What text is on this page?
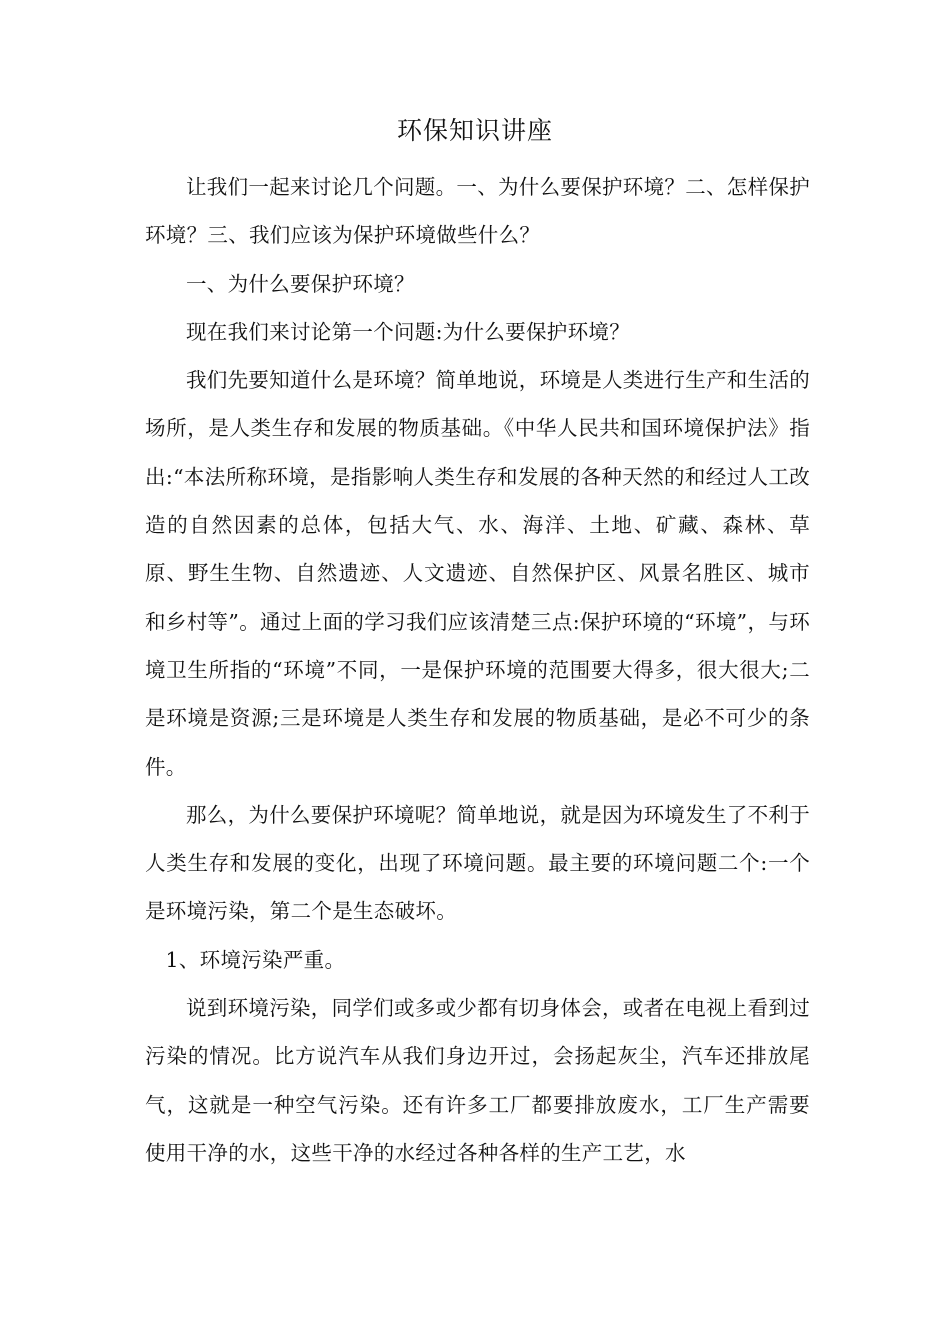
环保知识讲座

让我们一起来讨论几个问题。一、为什么要保护环境？二、怎样保护环境？三、我们应该为保护环境做些什么？

一、为什么要保护环境？

现在我们来讨论第一个问题:为什么要保护环境？

我们先要知道什么是环境？简单地说，环境是人类进行生产和生活的场所，是人类生存和发展的物质基础。《中华人民共和国环境保护法》指出:“本法所称环境，是指影响人类生存和发展的各种天然的和经过人工改造的自然因素的总体，包括大气、水、海洋、土地、矿藏、森林、草原、野生生物、自然遗迹、人文遗迹、自然保护区、风景名胜区、城市和乡村等”。通过上面的学习我们应该清楚三点:保护环境的“环境”，与环境卫生所指的“环境”不同，一是保护环境的范围要大得多，很大很大;二是环境是资源;三是环境是人类生存和发展的物质基础，是必不可少的条件。

那么，为什么要保护环境呢？简单地说，就是因为环境发生了不利于人类生存和发展的变化，出现了环境问题。最主要的环境问题二个:一个是环境污染，第二个是生态破坏。

1、环境污染严重。

说到环境污染，同学们或多或少都有切身体会，或者在电视上看到过污染的情况。比方说汽车从我们身边开过，会扬起灰尘，汽车还排放尾气，这就是一种空气污染。还有许多工厂都要排放废水，工厂生产需要使用干净的水，这些干净的水经过各种各样的生产工艺，水
